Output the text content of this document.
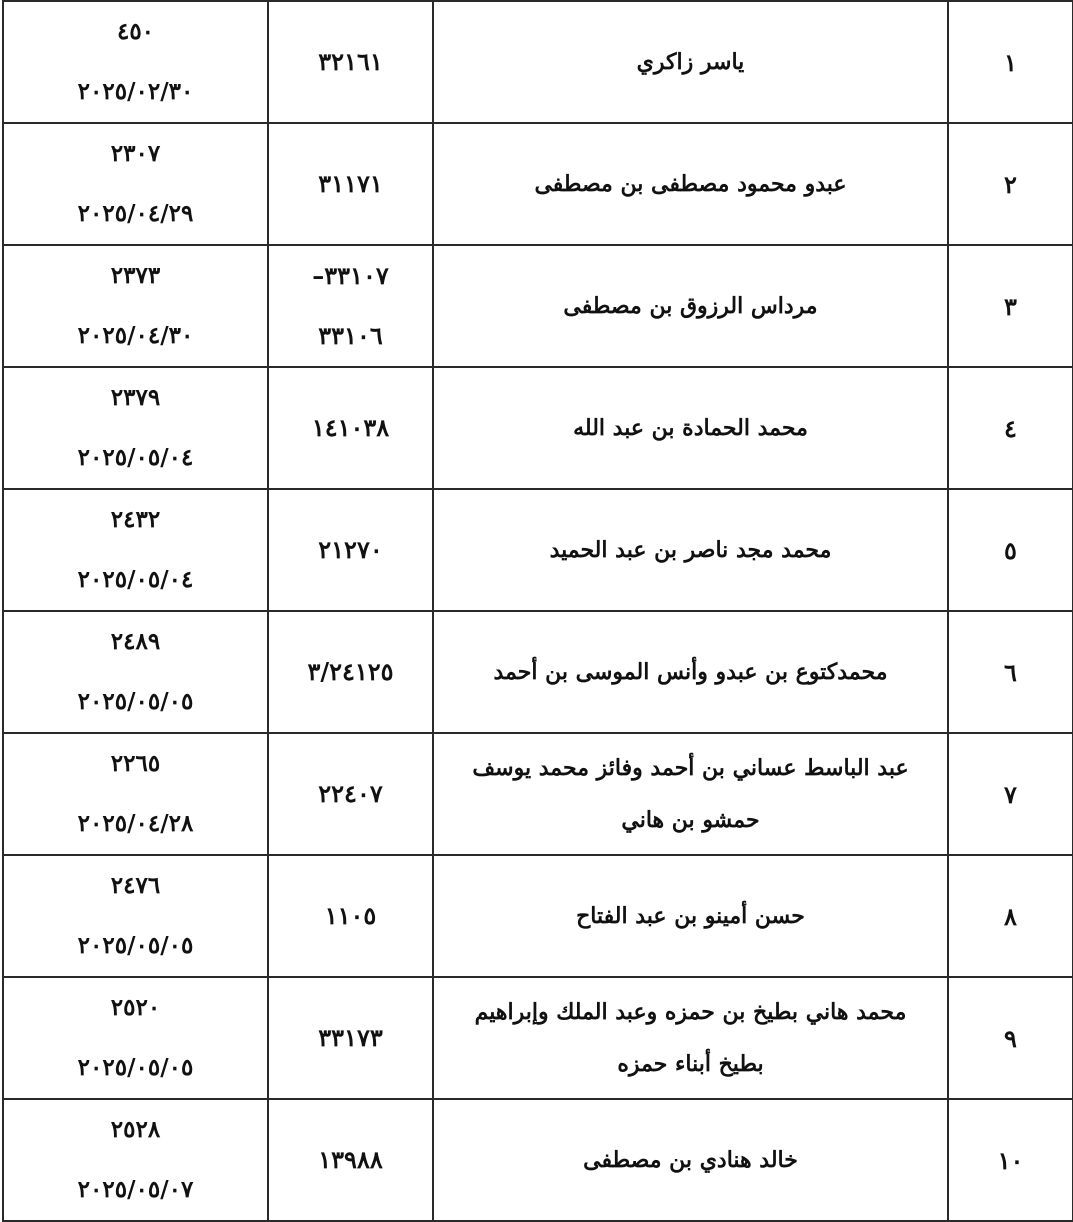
١	ياسر زاكري	٣٢١٦١	٤٥٠
٢٠٢٥/٠٢/٣٠

٢	عبدو محمود مصطفى بن مصطفى	٣١١٧١	٢٣٠٧
٢٠٢٥/٠٤/٢٩

٣	مرداس الرزوق بن مصطفى	٣٣١٠٧–
٣٣١٠٦	٢٣٧٣
٢٠٢٥/٠٤/٣٠

٤	محمد الحمادة بن عبد الله	١٤١٠٣٨	٢٣٧٩
٢٠٢٥/٠٥/٠٤

٥	محمد مجد ناصر بن عبد الحميد	٢١٢٧٠	٢٤٣٢
٢٠٢٥/٠٥/٠٤

٦	محمدكتوع بن عبدو وأنس الموسى بن أحمد	٣/٢٤١٢٥	٢٤٨٩
٢٠٢٥/٠٥/٠٥

٧	عبد الباسط عساني بن أحمد وفائز محمد يوسف
حمشو بن هاني	٢٢٤٠٧	٢٢٦٥
٢٠٢٥/٠٤/٢٨

٨	حسن أمينو بن عبد الفتاح	١١٠٥	٢٤٧٦
٢٠٢٥/٠٥/٠٥

٩	محمد هاني بطيخ بن حمزه وعبد الملك وإبراهيم
بطيخ أبناء حمزه	٣٣١٧٣	٢٥٢٠
٢٠٢٥/٠٥/٠٥

١٠	خالد هنادي بن مصطفى	١٣٩٨٨	٢٥٢٨
٢٠٢٥/٠٥/٠٧
